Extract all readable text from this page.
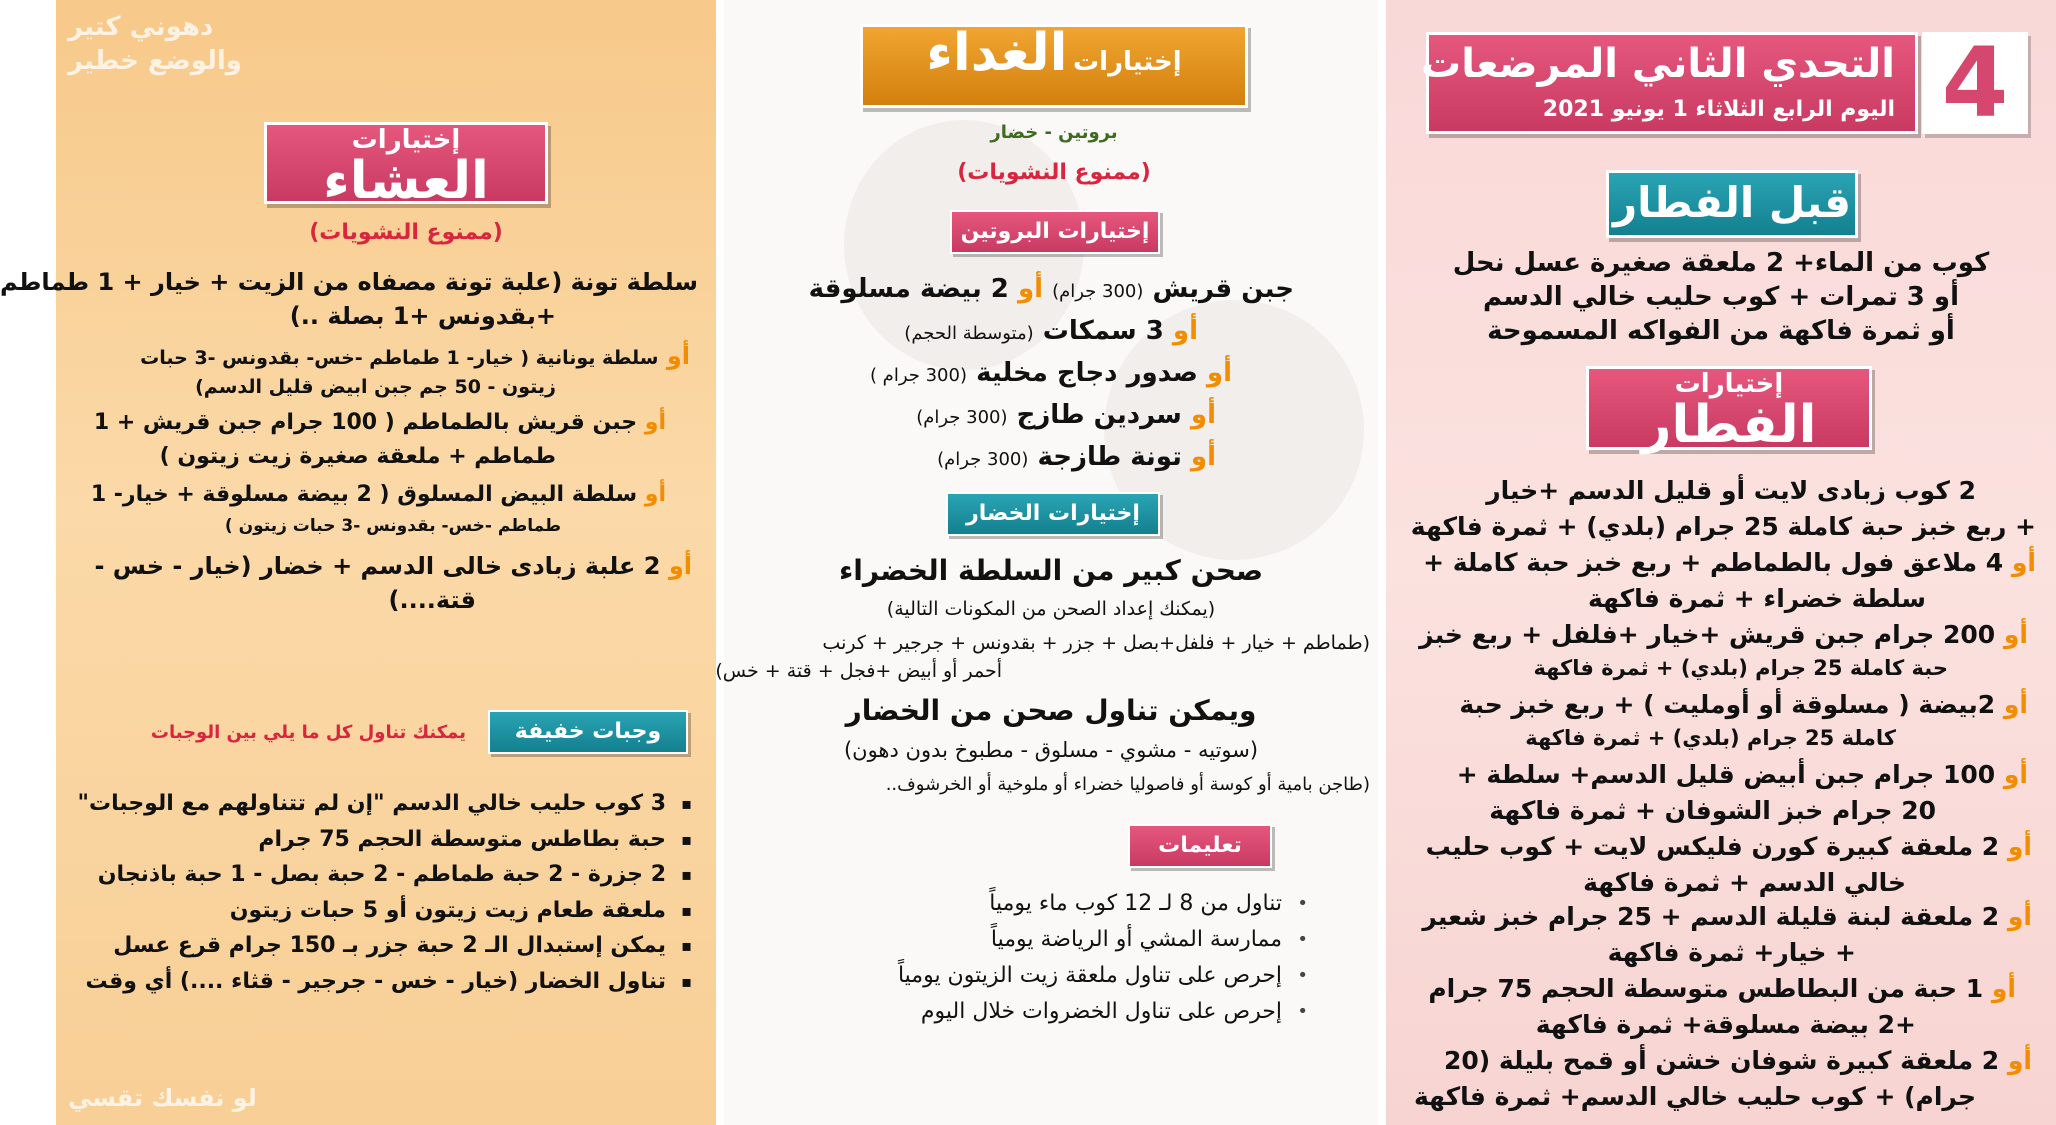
دهوني كتير
والوضع خطير
إختيارات العشاء
(ممنوع النشويات)
سلطة تونة (علبة تونة مصفاه من الزيت + خيار + 1 طماطم
+بقدونس +1 بصلة ..)
أو سلطة يونانية ( خيار- 1 طماطم -خس- بقدونس -3 حبات
زيتون - 50 جم جبن ابيض قليل الدسم)
أو جبن قريش بالطماطم ( 100 جرام جبن قريش + 1
طماطم + ملعقة صغيرة زيت زيتون )
أو سلطة البيض المسلوق ( 2 بيضة مسلوقة + خيار- 1
طماطم -خس- بقدونس -3 حبات زيتون )
أو 2 علبة زبادى خالى الدسم + خضار (خيار - خس -
قتة....)
وجبات خفيفة
يمكنك تناول كل ما يلي بين الوجبات
▪ 3 كوب حليب خالي الدسم "إن لم تتناولهم مع الوجبات"
▪ حبة بطاطس متوسطة الحجم 75 جرام
▪ 2 جزرة - 2 حبة طماطم - 2 حبة بصل - 1 حبة باذنجان
▪ ملعقة طعام زيت زيتون أو 5 حبات زيتون
▪ يمكن إستبدال الـ 2 حبة جزر بـ 150 جرام قرع عسل
▪ تناول الخضار (خيار - خس - جرجير - قثاء ....) أي وقت
لو نفسك تقسي
إختيارات الغداء
بروتين - خضار
(ممنوع النشويات)
إختيارات البروتين
جبن قريش (300 جرام) أو 2 بيضة مسلوقة
أو 3 سمكات (متوسطة الحجم)
أو صدور دجاج مخلية (300 جرام )
أو سردين طازج (300 جرام)
أو تونة طازجة (300 جرام)
إختيارات الخضار
صحن كبير من السلطة الخضراء
(يمكنك إعداد الصحن من المكونات التالية)
(طماطم + خيار + فلفل+بصل + جزر + بقدونس + جرجير + كرنب
أحمر أو أبيض +فجل + قتة + خس)
ويمكن تناول صحن من الخضار
(سوتيه - مشوي - مسلوق - مطبوخ بدون دهون)
(طاجن بامية أو كوسة أو فاصوليا خضراء أو ملوخية أو الخرشوف..
تعليمات
• تناول من 8 لـ 12 كوب ماء يومياً
• ممارسة المشي أو الرياضة يومياً
• إحرص على تناول ملعقة زيت الزيتون يومياً
• إحرص على تناول الخضروات خلال اليوم
التحدي الثاني المرضعات
اليوم الرابع الثلاثاء 1 يونيو 2021 4
قبل الفطار
كوب من الماء+ 2 ملعقة صغيرة عسل نحل
أو 3 تمرات + كوب حليب خالي الدسم
أو ثمرة فاكهة من الفواكه المسموحة
إختيارات الفطار
2 كوب زبادى لايت أو قليل الدسم +خيار
+ ربع خبز حبة كاملة 25 جرام (بلدي) + ثمرة فاكهة
أو 4 ملاعق فول بالطماطم + ربع خبز حبة كاملة +
سلطة خضراء + ثمرة فاكهة
أو 200 جرام جبن قريش +خيار +فلفل + ربع خبز
حبة كاملة 25 جرام (بلدي) + ثمرة فاكهة
أو 2بيضة ( مسلوقة أو أومليت ) + ربع خبز حبة
كاملة 25 جرام (بلدي) + ثمرة فاكهة
أو 100 جرام جبن أبيض قليل الدسم+ سلطة +
20 جرام خبز الشوفان + ثمرة فاكهة
أو 2 ملعقة كبيرة كورن فليكس لايت + كوب حليب
خالي الدسم + ثمرة فاكهة
أو 2 ملعقة لبنة قليلة الدسم + 25 جرام خبز شعير
+ خيار+ ثمرة فاكهة
أو 1 حبة من البطاطس متوسطة الحجم 75 جرام
+2 بيضة مسلوقة+ ثمرة فاكهة
أو 2 ملعقة كبيرة شوفان خشن أو قمح بليلة (20
جرام) + كوب حليب خالي الدسم+ ثمرة فاكهة
